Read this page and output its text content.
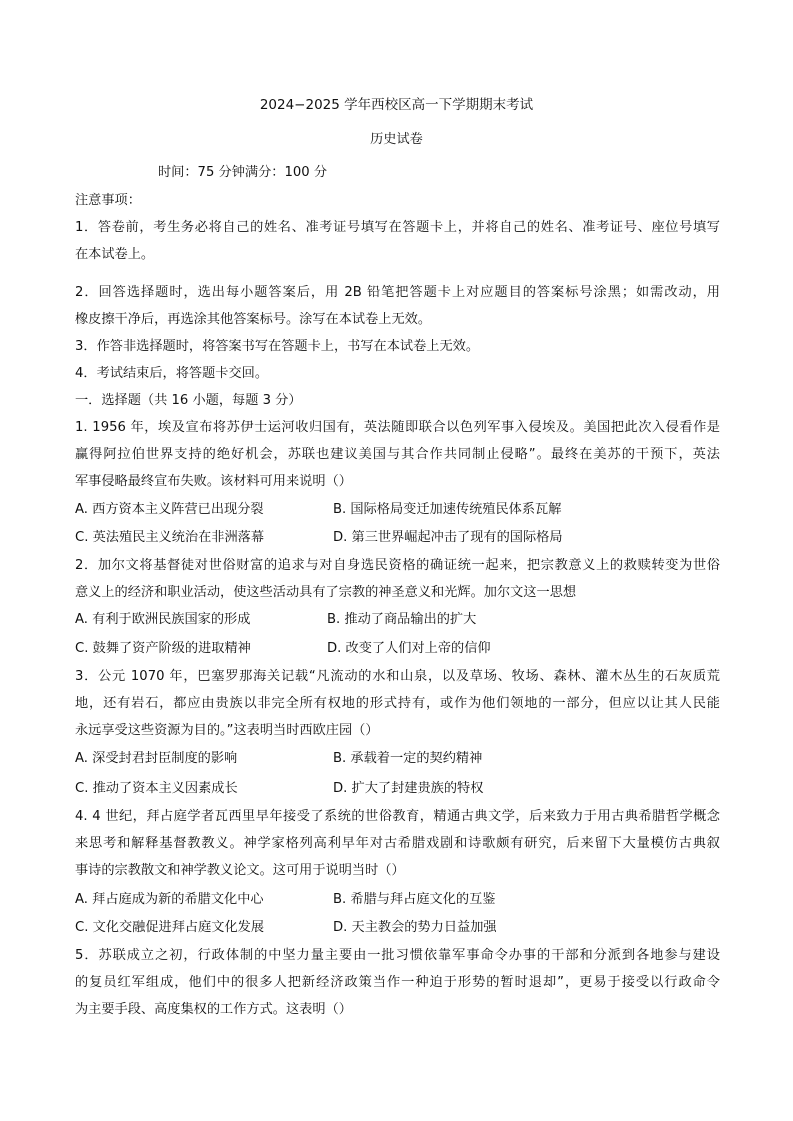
2024−2025 学年西校区高一下学期期末考试
历史试卷
时间：75 分钟满分：100 分
注意事项：
1．答卷前，考生务必将自己的姓名、准考证号填写在答题卡上，并将自己的姓名、准考证号、座位号填写
在本试卷上。
2．回答选择题时，选出每小题答案后，用 2B 铅笔把答题卡上对应题目的答案标号涂黑；如需改动，用
橡皮擦干净后，再选涂其他答案标号。涂写在本试卷上无效。
3．作答非选择题时，将答案书写在答题卡上，书写在本试卷上无效。
4．考试结束后，将答题卡交回。
一．选择题（共 16 小题，每题 3 分）
1. 1956 年，埃及宣布将苏伊士运河收归国有，英法随即联合以色列军事入侵埃及。美国把此次入侵看作是
赢得阿拉伯世界支持的绝好机会，苏联也建议美国与其合作共同制止侵略”。最终在美苏的干预下，英法
军事侵略最终宣布失败。该材料可用来说明（）
A. 西方资本主义阵营已出现分裂	B. 国际格局变迁加速传统殖民体系瓦解
C. 英法殖民主义统治在非洲落幕	D. 第三世界崛起冲击了现有的国际格局
2．加尔文将基督徒对世俗财富的追求与对自身选民资格的确证统一起来，把宗教意义上的救赎转变为世俗
意义上的经济和职业活动，使这些活动具有了宗教的神圣意义和光辉。加尔文这一思想
A. 有利于欧洲民族国家的形成	B. 推动了商品输出的扩大
C. 鼓舞了资产阶级的进取精神	D. 改变了人们对上帝的信仰
3．公元 1070 年，巴塞罗那海关记载“凡流动的水和山泉，以及草场、牧场、森林、灌木丛生的石灰质荒
地，还有岩石，都应由贵族以非完全所有权地的形式持有，或作为他们领地的一部分，但应以让其人民能
永远享受这些资源为目的。”这表明当时西欧庄园（）
A. 深受封君封臣制度的影响	B. 承载着一定的契约精神
C. 推动了资本主义因素成长	D. 扩大了封建贵族的特权
4. 4 世纪，拜占庭学者瓦西里早年接受了系统的世俗教育，精通古典文学，后来致力于用古典希腊哲学概念
来思考和解释基督教教义。神学家格列高利早年对古希腊戏剧和诗歌颇有研究，后来留下大量模仿古典叙
事诗的宗教散文和神学教义论文。这可用于说明当时（）
A. 拜占庭成为新的希腊文化中心	B. 希腊与拜占庭文化的互鉴
C. 文化交融促进拜占庭文化发展	D. 天主教会的势力日益加强
5．苏联成立之初，行政体制的中坚力量主要由一批习惯依靠军事命令办事的干部和分派到各地参与建设
的复员红军组成，他们中的很多人把新经济政策当作一种迫于形势的暂时退却”，更易于接受以行政命令
为主要手段、高度集权的工作方式。这表明（）
